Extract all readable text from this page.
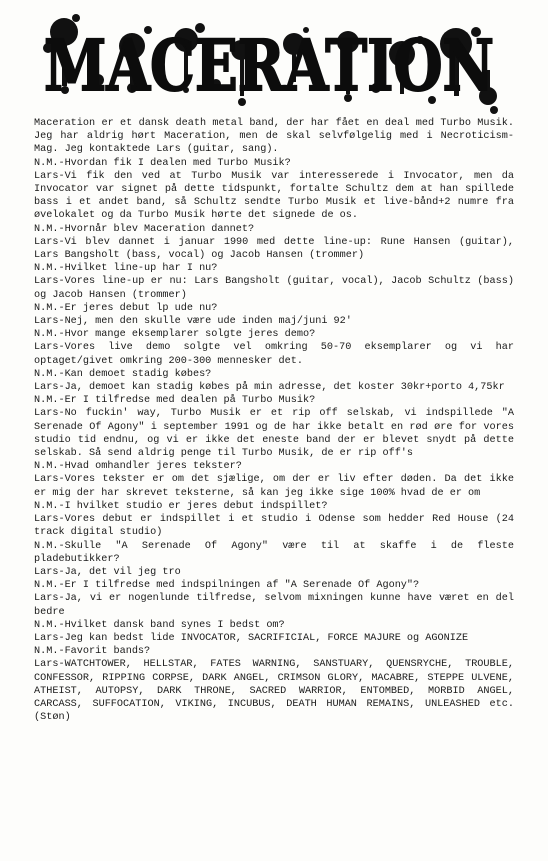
MACERATION

Maceration er et dansk death metal band, der har fået en deal med Turbo Musik. Jeg har aldrig hørt Maceration, men de skal selvfølgelig med i Necroticism-Mag. Jeg kontaktede Lars (guitar, sang).

N.M.-Hvordan fik I dealen med Turbo Musik?

Lars-Vi fik den ved at Turbo Musik var interesserede i Invocator, men da Invocator var signet på dette tidspunkt, fortalte Schultz dem at han spillede bass i et andet band, så Schultz sendte Turbo Musik et live-bånd+2 numre fra øvelokalet og da Turbo Musik hørte det signede de os.

N.M.-Hvornår blev Maceration dannet?

Lars-Vi blev dannet i januar 1990 med dette line-up: Rune Hansen (guitar), Lars Bangsholt (bass, vocal) og Jacob Hansen (trommer)

N.M.-Hvilket line-up har I nu?

Lars-Vores line-up er nu: Lars Bangsholt (guitar, vocal), Jacob Schultz (bass) og Jacob Hansen (trommer)

N.M.-Er jeres debut lp ude nu?

Lars-Nej, men den skulle være ude inden maj/juni 92'

N.M.-Hvor mange eksemplarer solgte jeres demo?

Lars-Vores live demo solgte vel omkring 50-70 eksemplarer og vi har optaget/givet omkring 200-300 mennesker det.

N.M.-Kan demoet stadig købes?

Lars-Ja, demoet kan stadig købes på min adresse, det koster 30kr+porto 4,75kr

N.M.-Er I tilfredse med dealen på Turbo Musik?

Lars-No fuckin' way, Turbo Musik er et rip off selskab, vi indspillede "A Serenade Of Agony" i september 1991 og de har ikke betalt en rød øre for vores studio tid endnu, og vi er ikke det eneste band der er blevet snydt på dette selskab. Så send aldrig penge til Turbo Musik, de er rip off's

N.M.-Hvad omhandler jeres tekster?

Lars-Vores tekster er om det sjælige, om der er liv efter døden. Da det ikke er mig der har skrevet teksterne, så kan jeg ikke sige 100% hvad de er om

N.M.-I hvilket studio er jeres debut indspillet?

Lars-Vores debut er indspillet i et studio i Odense som hedder Red House (24 track digital studio)

N.M.-Skulle "A Serenade Of Agony" være til at skaffe i de fleste pladebutikker?

Lars-Ja, det vil jeg tro

N.M.-Er I tilfredse med indspilningen af "A Serenade Of Agony"?

Lars-Ja, vi er nogenlunde tilfredse, selvom mixningen kunne have været en del bedre

N.M.-Hvilket dansk band synes I bedst om?

Lars-Jeg kan bedst lide INVOCATOR, SACRIFICIAL, FORCE MAJURE og AGONIZE

N.M.-Favorit bands?

Lars-WATCHTOWER, HELLSTAR, FATES WARNING, SANSTUARY, QUENSRYCHE, TROUBLE, CONFESSOR, RIPPING CORPSE, DARK ANGEL, CRIMSON GLORY, MACABRE, STEPPE ULVENE, ATHEIST, AUTOPSY, DARK THRONE, SACRED WARRIOR, ENTOMBED, MORBID ANGEL, CARCASS, SUFFOCATION, VIKING, INCUBUS, DEATH HUMAN REMAINS, UNLEASHED etc. (Støn)
